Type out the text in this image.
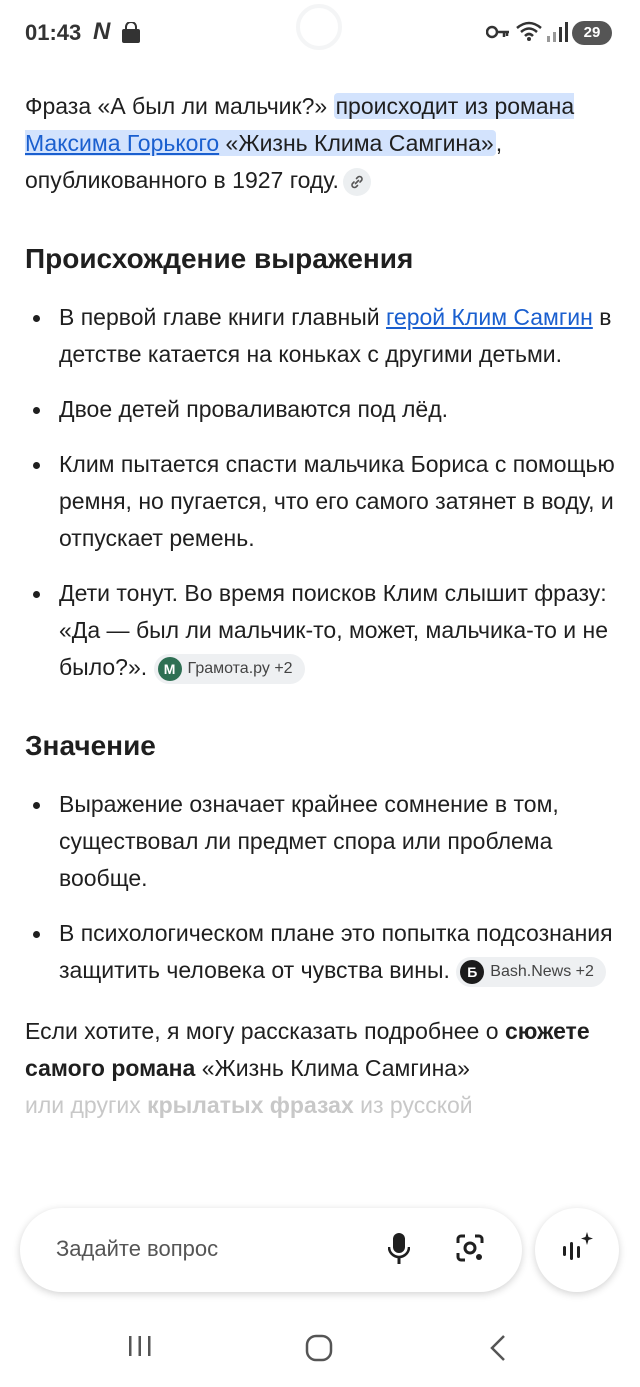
01:43 N	29

Фраза «А был ли мальчик?» происходит из романа Максима Горького «Жизнь Клима Самгина», опубликованного в 1927 году.

Происхождение выражения
В первой главе книги главный герой Клим Самгин в детстве катается на коньках с другими детьми.
Двое детей проваливаются под лёд.
Клим пытается спасти мальчика Бориса с помощью ремня, но пугается, что его самого затянет в воду, и отпускает ремень.
Дети тонут. Во время поисков Клим слышит фразу: «Да — был ли мальчик-то, может, мальчика-то и не было?».	М Грамота.ру +2
Значение
Выражение означает крайнее сомнение в том, существовал ли предмет спора или проблема вообще.
В психологическом плане это попытка подсознания защитить человека от чувства вины.	Б Bash.News +2

Если хотите, я могу рассказать подробнее о сюжете самого романа «Жизнь Клима Самгина»
или других крылатых фразах из русской

Задайте вопрос
